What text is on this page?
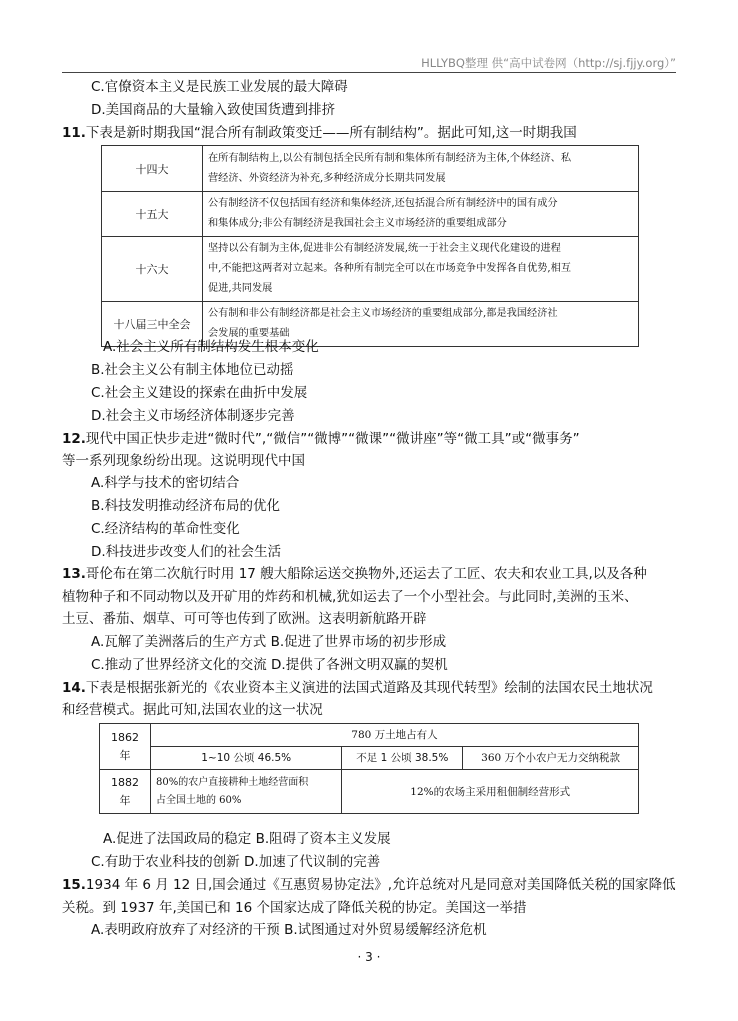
HLLYBQ整理 供“高中试卷网（http://sj.fjjy.org）”
C.官僚资本主义是民族工业发展的最大障碍
D.美国商品的大量输入致使国货遭到排挤
11.下表是新时期我国“混合所有制政策变迁——所有制结构”。据此可知,这一时期我国
十四大	在所有制结构上,以公有制包括全民所有制和集体所有制经济为主体,个体经济、私
营经济、外资经济为补充,多种经济成分长期共同发展

十五大	公有制经济不仅包括国有经济和集体经济,还包括混合所有制经济中的国有成分
和集体成分;非公有制经济是我国社会主义市场经济的重要组成部分

十六大	坚持以公有制为主体,促进非公有制经济发展,统一于社会主义现代化建设的进程
中,不能把这两者对立起来。各种所有制完全可以在市场竞争中发挥各自优势,相互
促进,共同发展

十八届三中全会	公有制和非公有制经济都是社会主义市场经济的重要组成部分,都是我国经济社
会发展的重要基础
A.社会主义所有制结构发生根本变化
B.社会主义公有制主体地位已动摇
C.社会主义建设的探索在曲折中发展
D.社会主义市场经济体制逐步完善
12.现代中国正快步走进“微时代”,“微信”“微博”“微课”“微讲座”等“微工具”或“微事务”
等一系列现象纷纷出现。这说明现代中国
A.科学与技术的密切结合
B.科技发明推动经济布局的优化
C.经济结构的革命性变化
D.科技进步改变人们的社会生活
13.哥伦布在第二次航行时用 17 艘大船除运送交换物外,还运去了工匠、农夫和农业工具,以及各种
植物种子和不同动物以及开矿用的炸药和机械,犹如运去了一个小型社会。与此同时,美洲的玉米、
土豆、番茄、烟草、可可等也传到了欧洲。这表明新航路开辟
A.瓦解了美洲落后的生产方式 B.促进了世界市场的初步形成
C.推动了世界经济文化的交流 D.提供了各洲文明双赢的契机
14.下表是根据张新光的《农业资本主义演进的法国式道路及其现代转型》绘制的法国农民土地状况
和经营模式。据此可知,法国农业的这一状况
1862 年	780 万土地占有人		
	1~10 公顷 46.5%	不足 1 公顷 38.5%	360 万个小农户无力交纳税款
1882 年	80%的农户直接耕种土地经营面积
占全国土地的 60%	12%的农场主采用租佃制经营形式	
A.促进了法国政局的稳定 B.阻碍了资本主义发展
C.有助于农业科技的创新 D.加速了代议制的完善
15.1934 年 6 月 12 日,国会通过《互惠贸易协定法》,允许总统对凡是同意对美国降低关税的国家降低
关税。到 1937 年,美国已和 16 个国家达成了降低关税的协定。美国这一举措
A.表明政府放弃了对经济的干预 B.试图通过对外贸易缓解经济危机
· 3 ·
